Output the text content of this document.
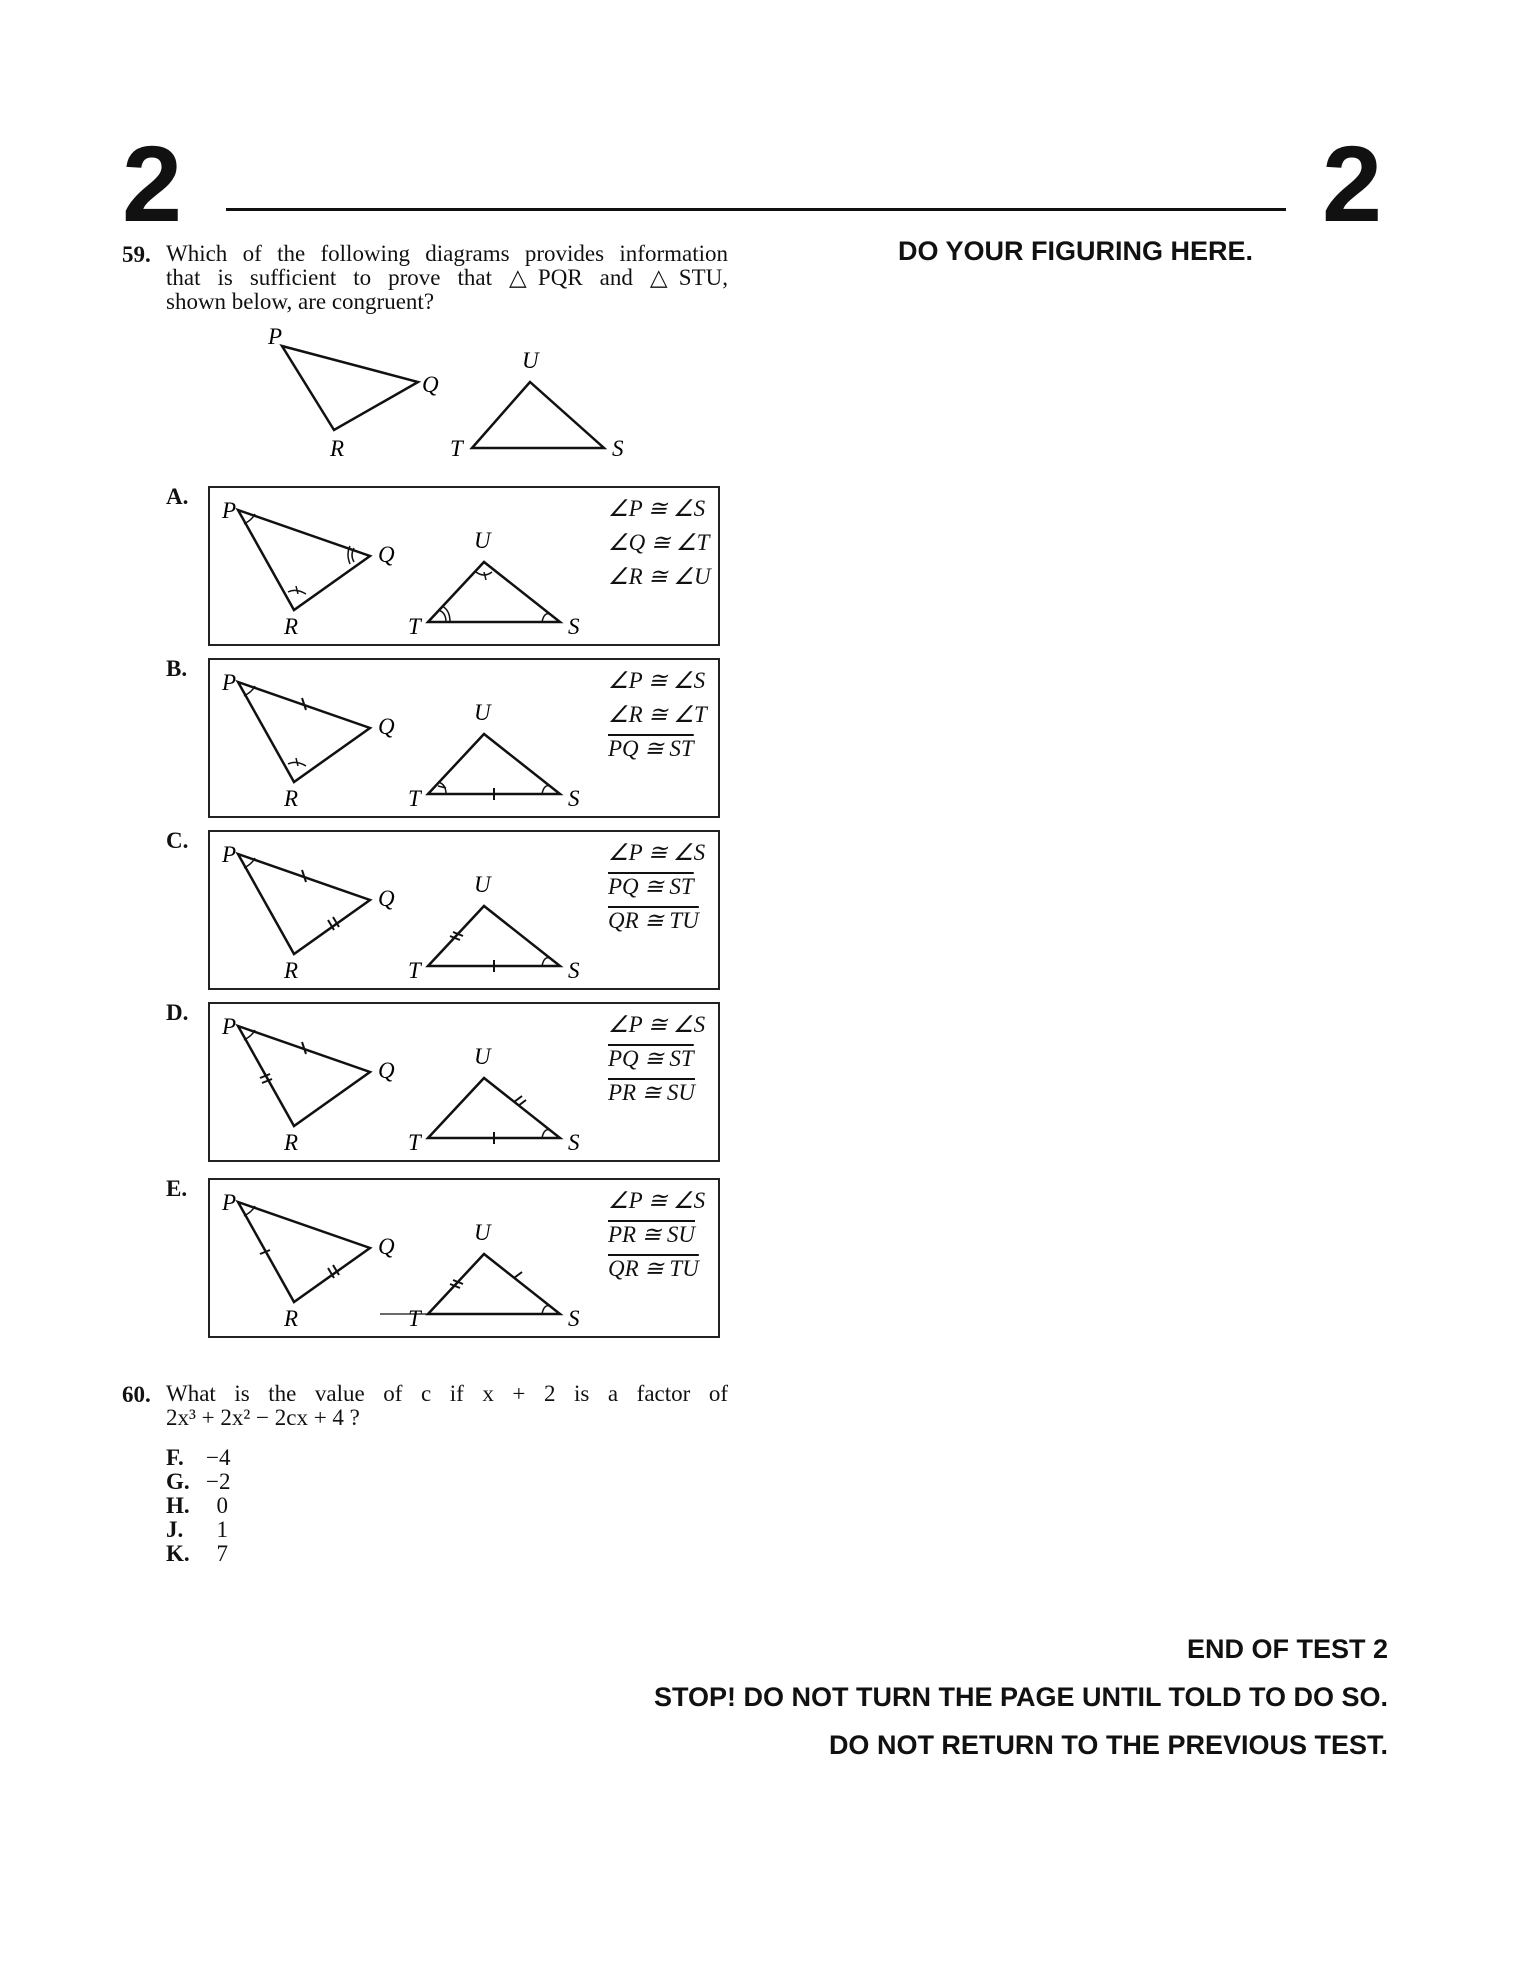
2	2
DO YOUR FIGURING HERE.
59. Which of the following diagrams provides information
that is sufficient to prove that △PQR and △STU,
shown below, are congruent?
P
Q
R
U
T	S
A.
P
Q
R
U
T	S
∠P ≅ ∠S
∠Q ≅ ∠T
∠R ≅ ∠U
B.
P
Q
R
U
T	S
∠P ≅ ∠S
∠R ≅ ∠T
PQ ≅ ST
C.
P
Q
R
U
T	S
∠P ≅ ∠S
PQ ≅ ST
QR ≅ TU
D.
P
Q
R
U
T	S
∠P ≅ ∠S
PQ ≅ ST
PR ≅ SU
E.
P
Q
R
U
T	S
∠P ≅ ∠S
PR ≅ SU
QR ≅ TU
60. What is the value of c if x + 2 is a factor of
2x³ + 2x² − 2cx + 4 ?
F. −4
G. −2
H. 0
J. 1
K. 7
END OF TEST 2
STOP! DO NOT TURN THE PAGE UNTIL TOLD TO DO SO.
DO NOT RETURN TO THE PREVIOUS TEST.
